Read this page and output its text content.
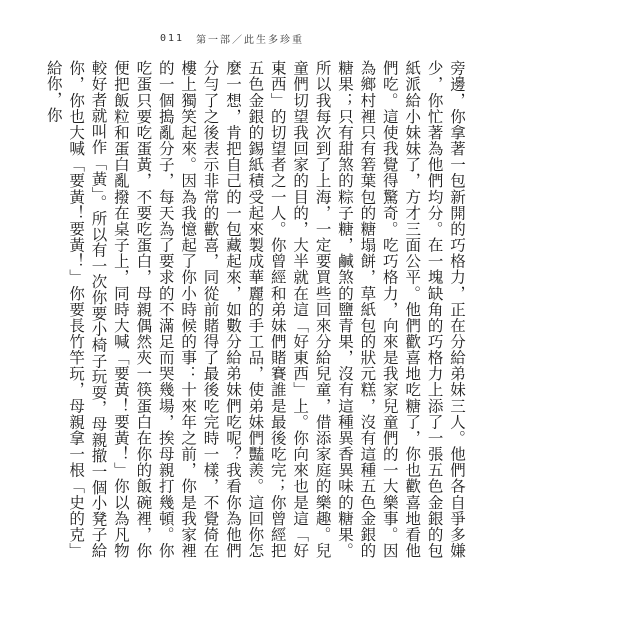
011 第一部／此生多珍重

旁邊，你拿著一包新開的巧格力，正在分給弟妹三人。他們各自爭多嫌少，你忙著為他們均分。在一塊缺角的巧格力上添了一張五色金銀的包紙派給小妹妹了，方才三面公平。他們歡喜地吃糖了，你也歡喜地看他們吃。這使我覺得驚奇。吃巧格力，向來是我家兒童們的一大樂事。因為鄉村裡只有箬葉包的糖塌餅，草紙包的狀元糕，沒有這種五色金銀的糖果；只有甜煞的粽子糖，鹹煞的鹽青果，沒有這種異香異味的糖果。所以我每次到了上海，一定要買些回來分給兒童，借添家庭的樂趣。兒童們切望我回家的目的，大半就在這「好東西」上。你向來也是這「好東西」的切望者之一人。你曾經和弟妹們賭賽誰是最後吃完；你曾經把五色金銀的錫紙積受起來製成華麗的手工品，使弟妹們豔羨。這回你怎麼一想，肯把自己的一包藏起來，如數分給弟妹們吃呢？我看你為他們分勻了之後表示非常的歡喜，同從前賭得了最後吃完時一樣，不覺倚在樓上獨笑起來。因為我憶起了你小時候的事：十來年之前，你是我家裡的一個搗亂分子，每天為了要求的不滿足而哭幾場，挨母親打幾頓。你吃蛋只要吃蛋黃，不要吃蛋白，母親偶然夾一筷蛋白在你的飯碗裡，你便把飯粒和蛋白亂撥在桌子上，同時大喊「要黃！要黃！」你以為凡物較好者就叫作「黃」。所以有一次你要小椅子玩耍，母親撤一個小凳子給你，你也大喊「要黃！要黃！」你要長竹竿玩，母親拿一根「史的克」給你，你
